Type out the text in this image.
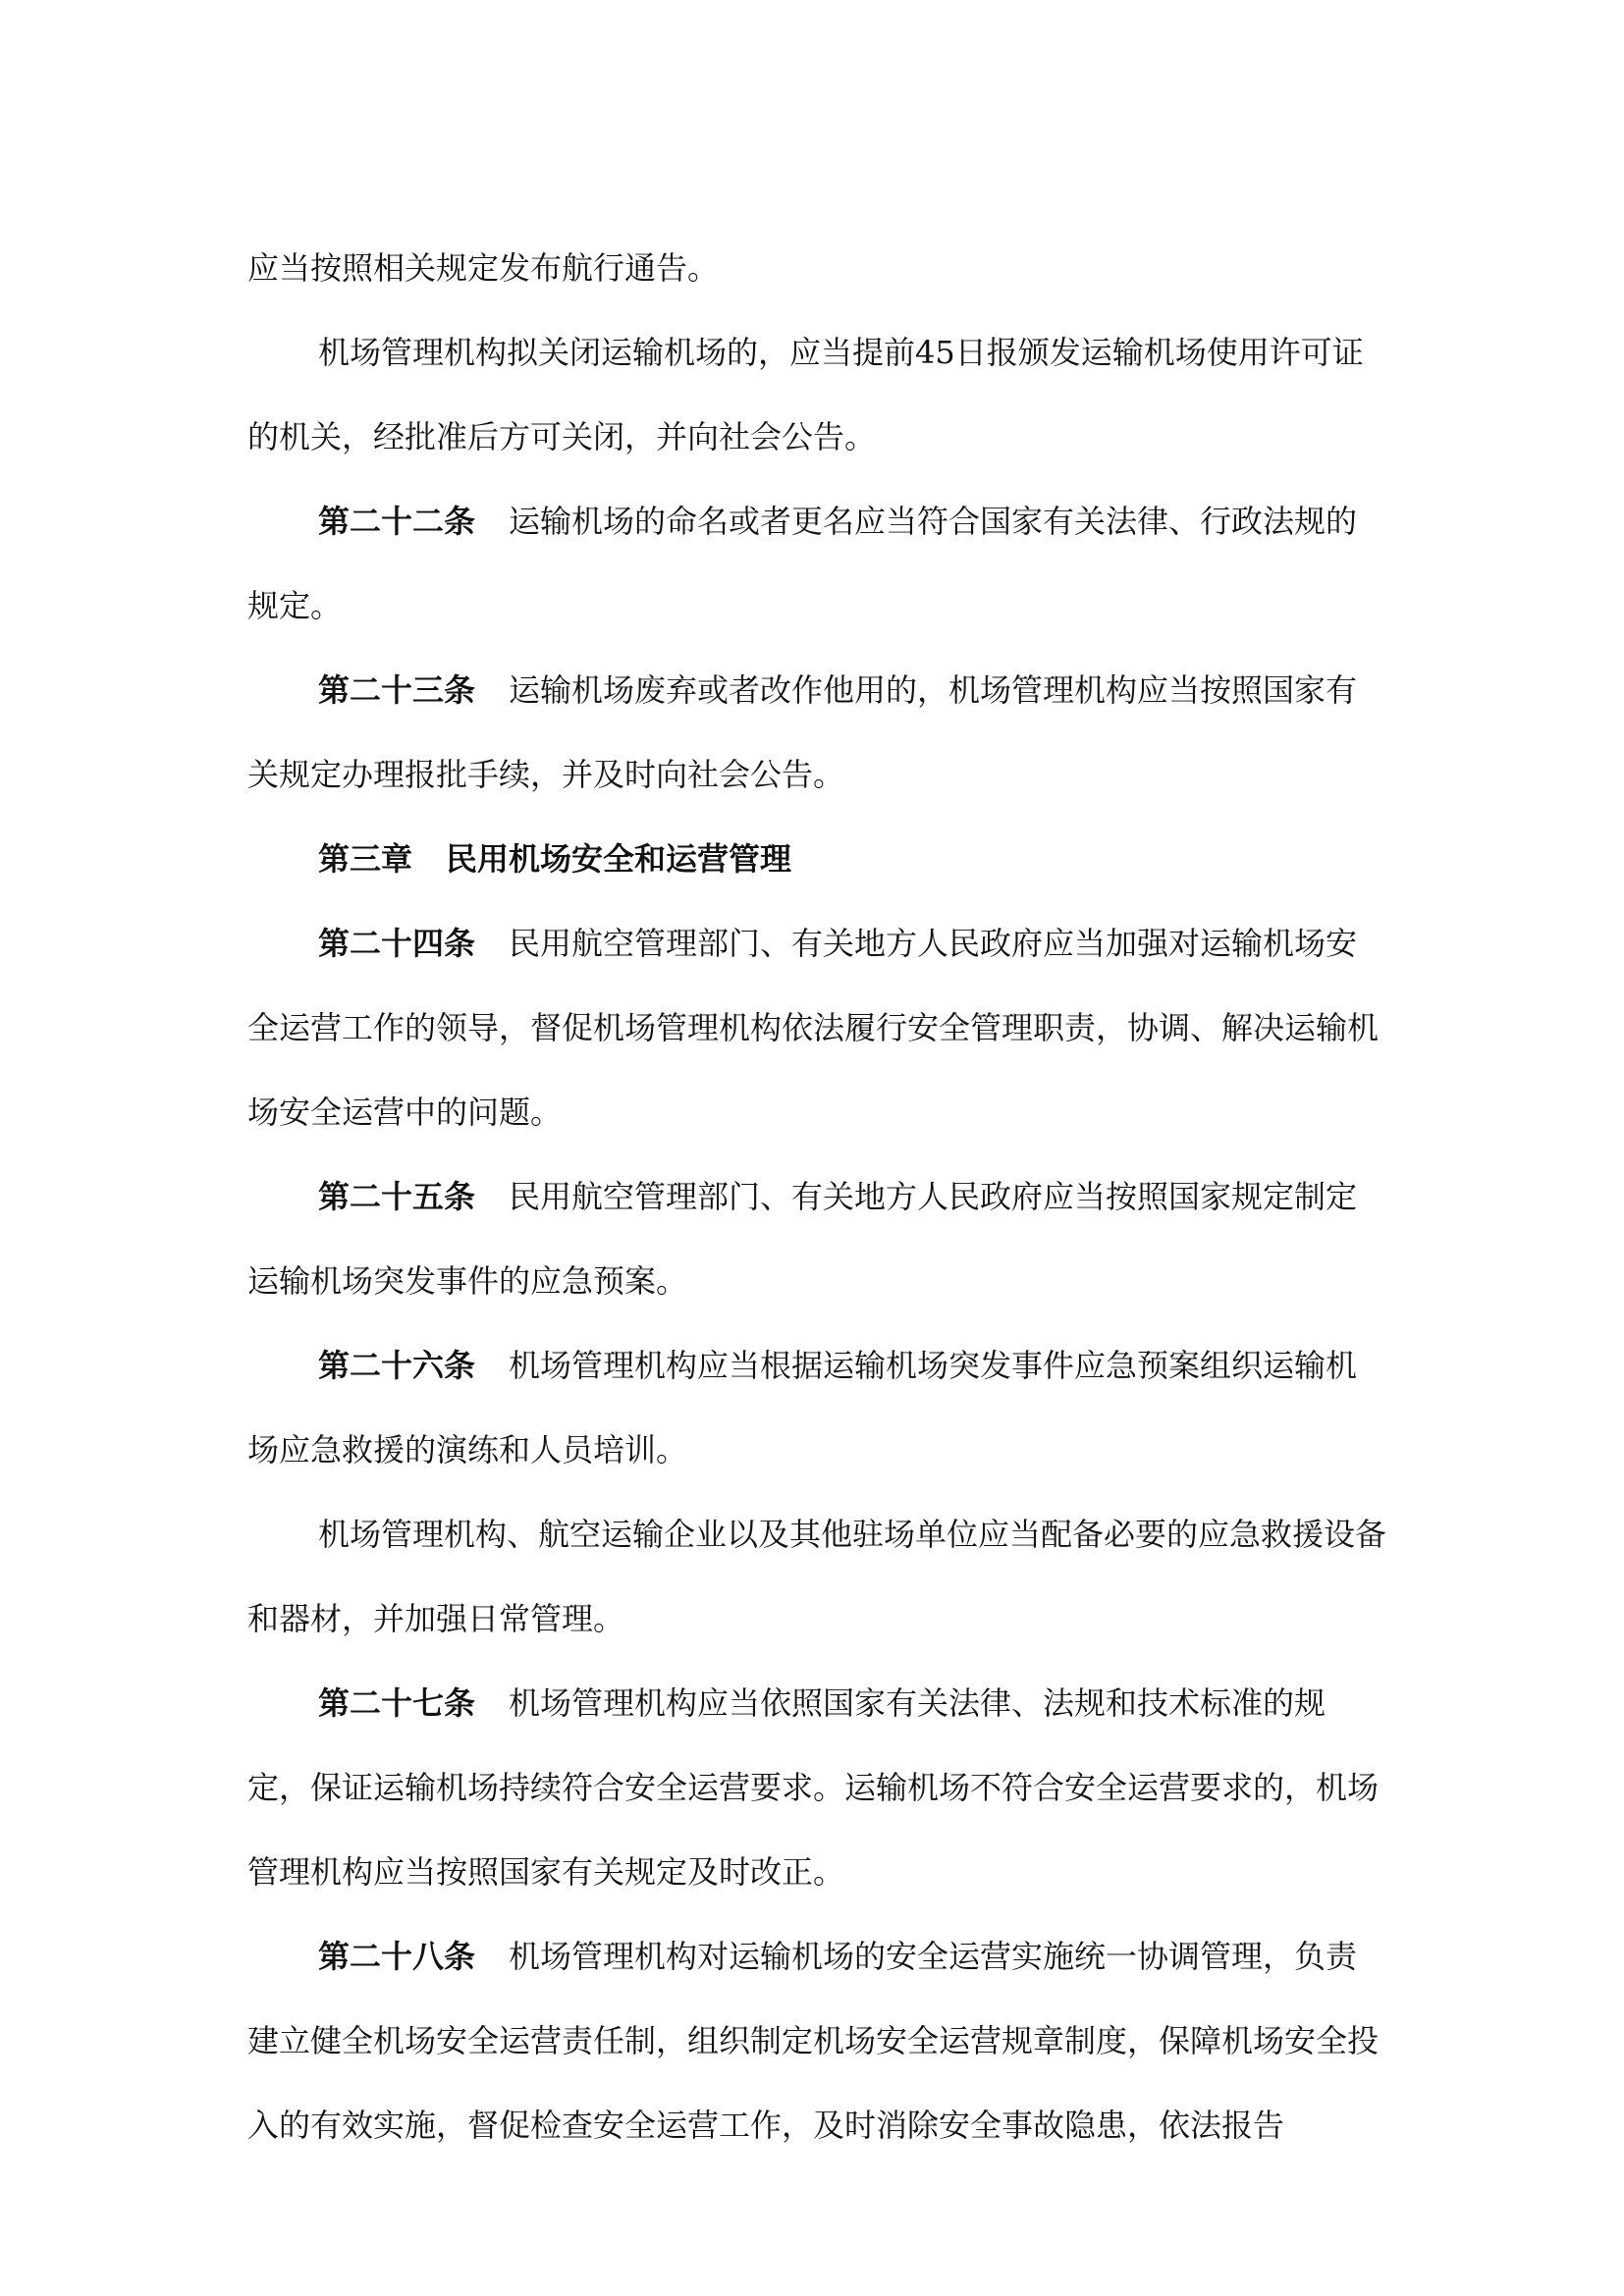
应当按照相关规定发布航行通告。

机场管理机构拟关闭运输机场的，应当提前45日报颁发运输机场使用许可证的机关，经批准后方可关闭，并向社会公告。

第二十二条 运输机场的命名或者更名应当符合国家有关法律、行政法规的规定。

第二十三条 运输机场废弃或者改作他用的，机场管理机构应当按照国家有关规定办理报批手续，并及时向社会公告。

第三章 民用机场安全和运营管理

第二十四条 民用航空管理部门、有关地方人民政府应当加强对运输机场安全运营工作的领导，督促机场管理机构依法履行安全管理职责，协调、解决运输机场安全运营中的问题。

第二十五条 民用航空管理部门、有关地方人民政府应当按照国家规定制定运输机场突发事件的应急预案。

第二十六条 机场管理机构应当根据运输机场突发事件应急预案组织运输机场应急救援的演练和人员培训。

机场管理机构、航空运输企业以及其他驻场单位应当配备必要的应急救援设备和器材，并加强日常管理。

第二十七条 机场管理机构应当依照国家有关法律、法规和技术标准的规定，保证运输机场持续符合安全运营要求。运输机场不符合安全运营要求的，机场管理机构应当按照国家有关规定及时改正。

第二十八条 机场管理机构对运输机场的安全运营实施统一协调管理，负责建立健全机场安全运营责任制，组织制定机场安全运营规章制度，保障机场安全投入的有效实施，督促检查安全运营工作，及时消除安全事故隐患，依法报告
